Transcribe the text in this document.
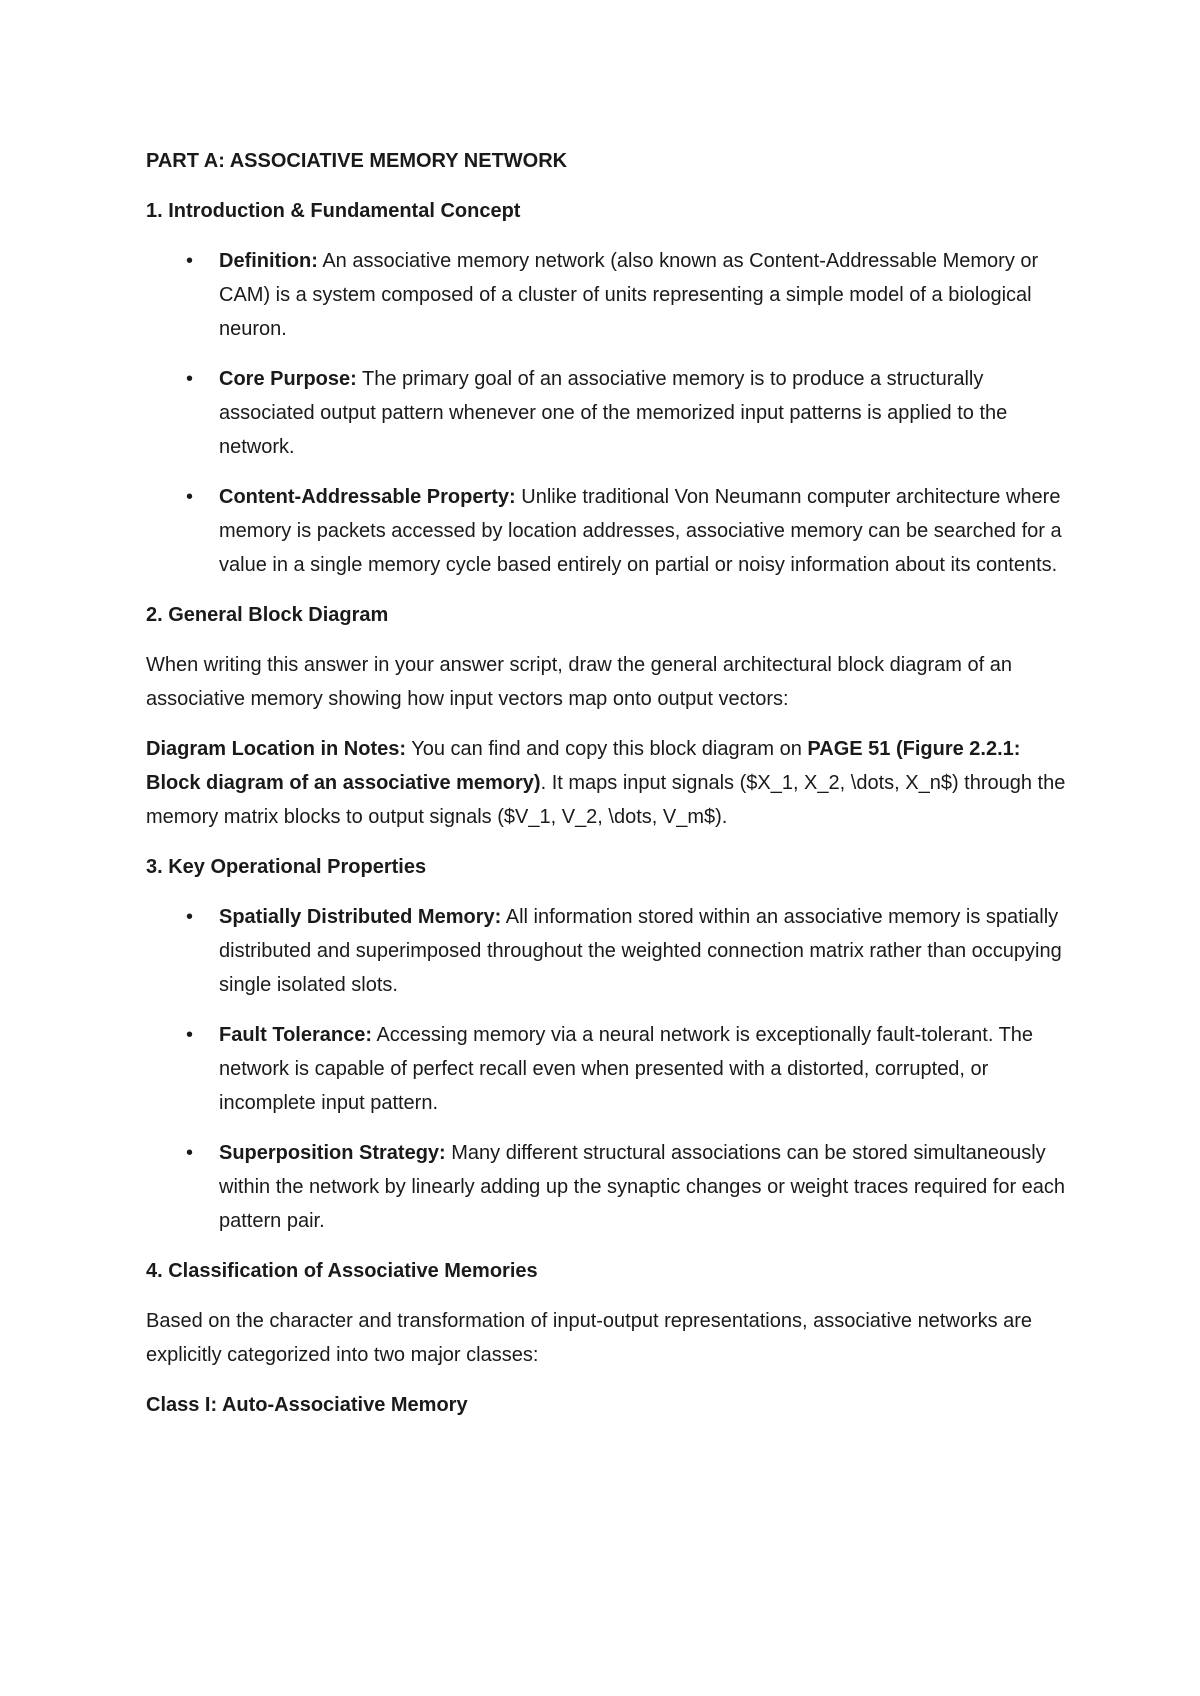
PART A: ASSOCIATIVE MEMORY NETWORK
1. Introduction & Fundamental Concept
• Definition: An associative memory network (also known as Content-Addressable Memory or CAM) is a system composed of a cluster of units representing a simple model of a biological neuron.
• Core Purpose: The primary goal of an associative memory is to produce a structurally associated output pattern whenever one of the memorized input patterns is applied to the network.
• Content-Addressable Property: Unlike traditional Von Neumann computer architecture where memory is packets accessed by location addresses, associative memory can be searched for a value in a single memory cycle based entirely on partial or noisy information about its contents.
2. General Block Diagram
When writing this answer in your answer script, draw the general architectural block diagram of an associative memory showing how input vectors map onto output vectors:
Diagram Location in Notes: You can find and copy this block diagram on PAGE 51 (Figure 2.2.1: Block diagram of an associative memory). It maps input signals ($X_1, X_2, \dots, X_n$) through the memory matrix blocks to output signals ($V_1, V_2, \dots, V_m$).
3. Key Operational Properties
• Spatially Distributed Memory: All information stored within an associative memory is spatially distributed and superimposed throughout the weighted connection matrix rather than occupying single isolated slots.
• Fault Tolerance: Accessing memory via a neural network is exceptionally fault-tolerant. The network is capable of perfect recall even when presented with a distorted, corrupted, or incomplete input pattern.
• Superposition Strategy: Many different structural associations can be stored simultaneously within the network by linearly adding up the synaptic changes or weight traces required for each pattern pair.
4. Classification of Associative Memories
Based on the character and transformation of input-output representations, associative networks are explicitly categorized into two major classes:
Class I: Auto-Associative Memory
